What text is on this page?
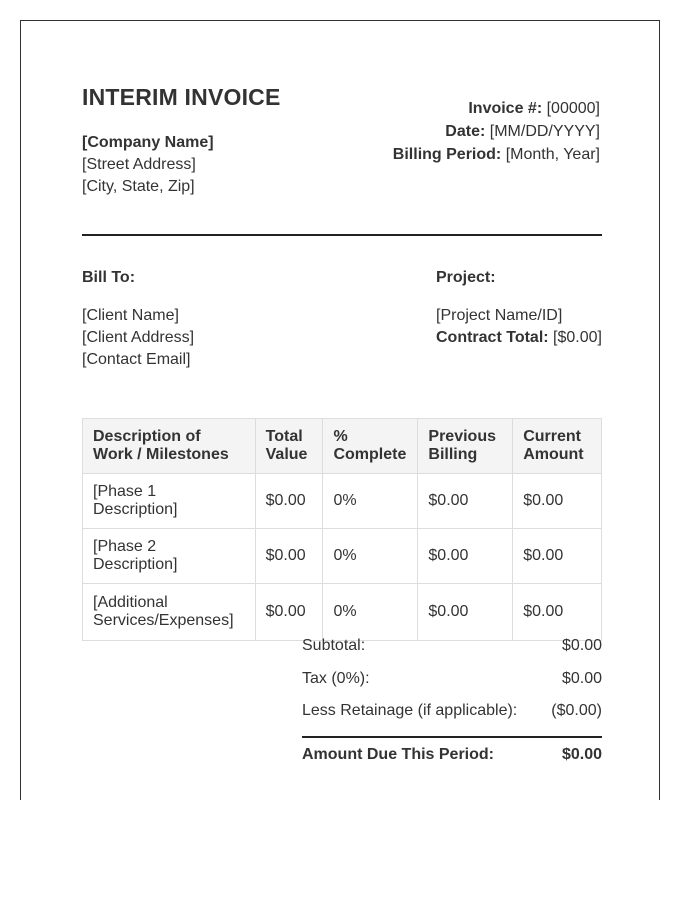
INTERIM INVOICE
[Company Name]
[Street Address]
[City, State, Zip]
Invoice #: [00000]
Date: [MM/DD/YYYY]
Billing Period: [Month, Year]
Bill To:
[Client Name]
[Client Address]
[Contact Email]
Project:
[Project Name/ID]
Contract Total: [$0.00]
Description of Work / Milestones	Total Value	% Complete	Previous Billing	Current Amount
[Phase 1 Description]	$0.00	0%	$0.00	$0.00
[Phase 2 Description]	$0.00	0%	$0.00	$0.00
[Additional Services/Expenses]	$0.00	0%	$0.00	$0.00
Subtotal:	$0.00
Tax (0%):	$0.00
Less Retainage (if applicable): ($0.00)
Amount Due This Period:	$0.00
